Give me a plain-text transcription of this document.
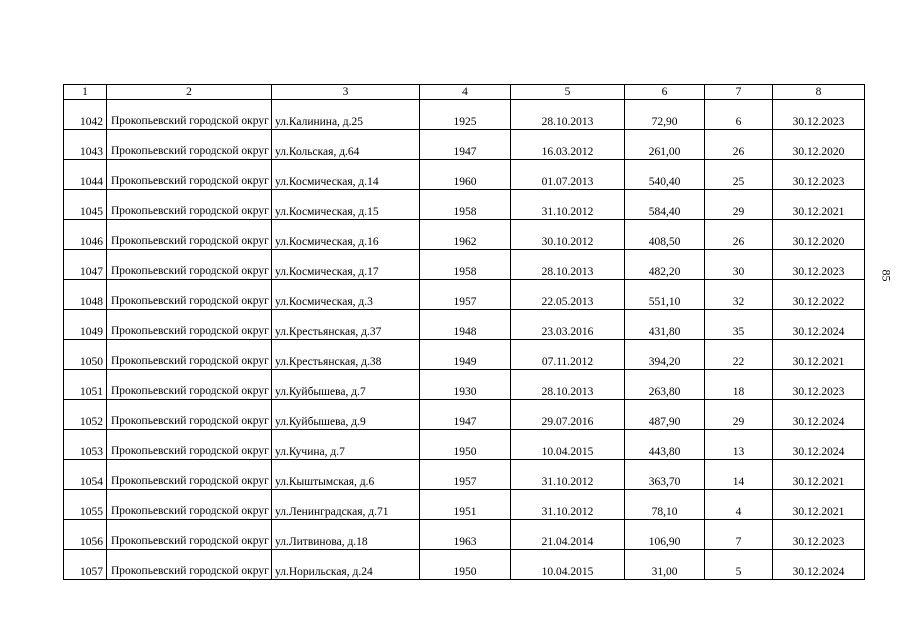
1	2	3	4	5	6	7	8
1042	Прокопьевский городской округ	ул.Калинина, д.25	1925	28.10.2013	72,90	6	30.12.2023
1043	Прокопьевский городской округ	ул.Кольская, д.64	1947	16.03.2012	261,00	26	30.12.2020
1044	Прокопьевский городской округ	ул.Космическая, д.14	1960	01.07.2013	540,40	25	30.12.2023
1045	Прокопьевский городской округ	ул.Космическая, д.15	1958	31.10.2012	584,40	29	30.12.2021
1046	Прокопьевский городской округ	ул.Космическая, д.16	1962	30.10.2012	408,50	26	30.12.2020
1047	Прокопьевский городской округ	ул.Космическая, д.17	1958	28.10.2013	482,20	30	30.12.2023
1048	Прокопьевский городской округ	ул.Космическая, д.3	1957	22.05.2013	551,10	32	30.12.2022
1049	Прокопьевский городской округ	ул.Крестьянская, д.37	1948	23.03.2016	431,80	35	30.12.2024
1050	Прокопьевский городской округ	ул.Крестьянская, д.38	1949	07.11.2012	394,20	22	30.12.2021
1051	Прокопьевский городской округ	ул.Куйбышева, д.7	1930	28.10.2013	263,80	18	30.12.2023
1052	Прокопьевский городской округ	ул.Куйбышева, д.9	1947	29.07.2016	487,90	29	30.12.2024
1053	Прокопьевский городской округ	ул.Кучина, д.7	1950	10.04.2015	443,80	13	30.12.2024
1054	Прокопьевский городской округ	ул.Кыштымская, д.6	1957	31.10.2012	363,70	14	30.12.2021
1055	Прокопьевский городской округ	ул.Ленинградская, д.71	1951	31.10.2012	78,10	4	30.12.2021
1056	Прокопьевский городской округ	ул.Литвинова, д.18	1963	21.04.2014	106,90	7	30.12.2023
1057	Прокопьевский городской округ	ул.Норильская, д.24	1950	10.04.2015	31,00	5	30.12.2024
85
